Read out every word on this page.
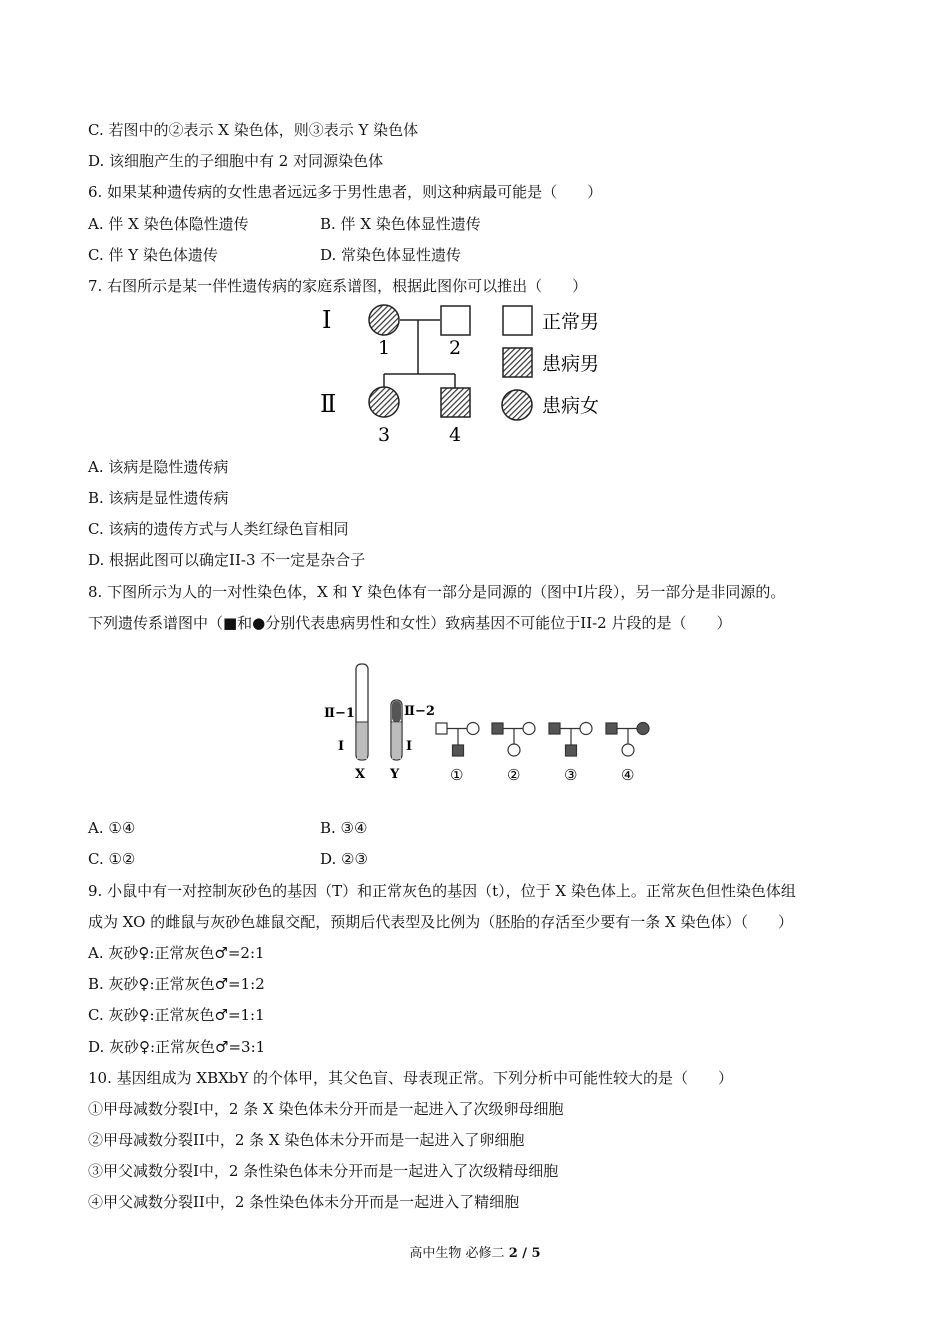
C. 若图中的②表示 X 染色体，则③表示 Y 染色体
D. 该细胞产生的子细胞中有 2 对同源染色体
6. 如果某种遗传病的女性患者远远多于男性患者，则这种病最可能是（　　）
A. 伴 X 染色体隐性遗传	B. 伴 X 染色体显性遗传
C. 伴 Y 染色体遗传	D. 常染色体显性遗传
7. 右图所示是某一伴性遗传病的家庭系谱图，根据此图你可以推出（　　）
Ⅰ
Ⅱ
1	2
3	4
正常男
患病男
患病女
A. 该病是隐性遗传病
B. 该病是显性遗传病
C. 该病的遗传方式与人类红绿色盲相同
D. 根据此图可以确定II-3 不一定是杂合子
8. 下图所示为人的一对性染色体，X 和 Y 染色体有一部分是同源的（图中I片段），另一部分是非同源的。
下列遗传系谱图中（■和●分别代表患病男性和女性）致病基因不可能位于II-2 片段的是（　　）
Ⅱ−1
Ⅰ
X
Ⅱ−2
Ⅰ
Y	①	②	③	④
A. ①④	B. ③④
C. ①②	D. ②③
9. 小鼠中有一对控制灰砂色的基因（T）和正常灰色的基因（t），位于 X 染色体上。正常灰色但性染色体组
成为 XO 的雌鼠与灰砂色雄鼠交配，预期后代表型及比例为（胚胎的存活至少要有一条 X 染色体）（　　）
A. 灰砂♀:正常灰色♂=2:1
B. 灰砂♀:正常灰色♂=1:2
C. 灰砂♀:正常灰色♂=1:1
D. 灰砂♀:正常灰色♂=3:1
10. 基因组成为 XBXbY 的个体甲，其父色盲、母表现正常。下列分析中可能性较大的是（　　）
①甲母减数分裂I中，2 条 X 染色体未分开而是一起进入了次级卵母细胞
②甲母减数分裂II中，2 条 X 染色体未分开而是一起进入了卵细胞
③甲父减数分裂I中，2 条性染色体未分开而是一起进入了次级精母细胞
④甲父减数分裂II中，2 条性染色体未分开而是一起进入了精细胞
高中生物 必修二 2 / 5
